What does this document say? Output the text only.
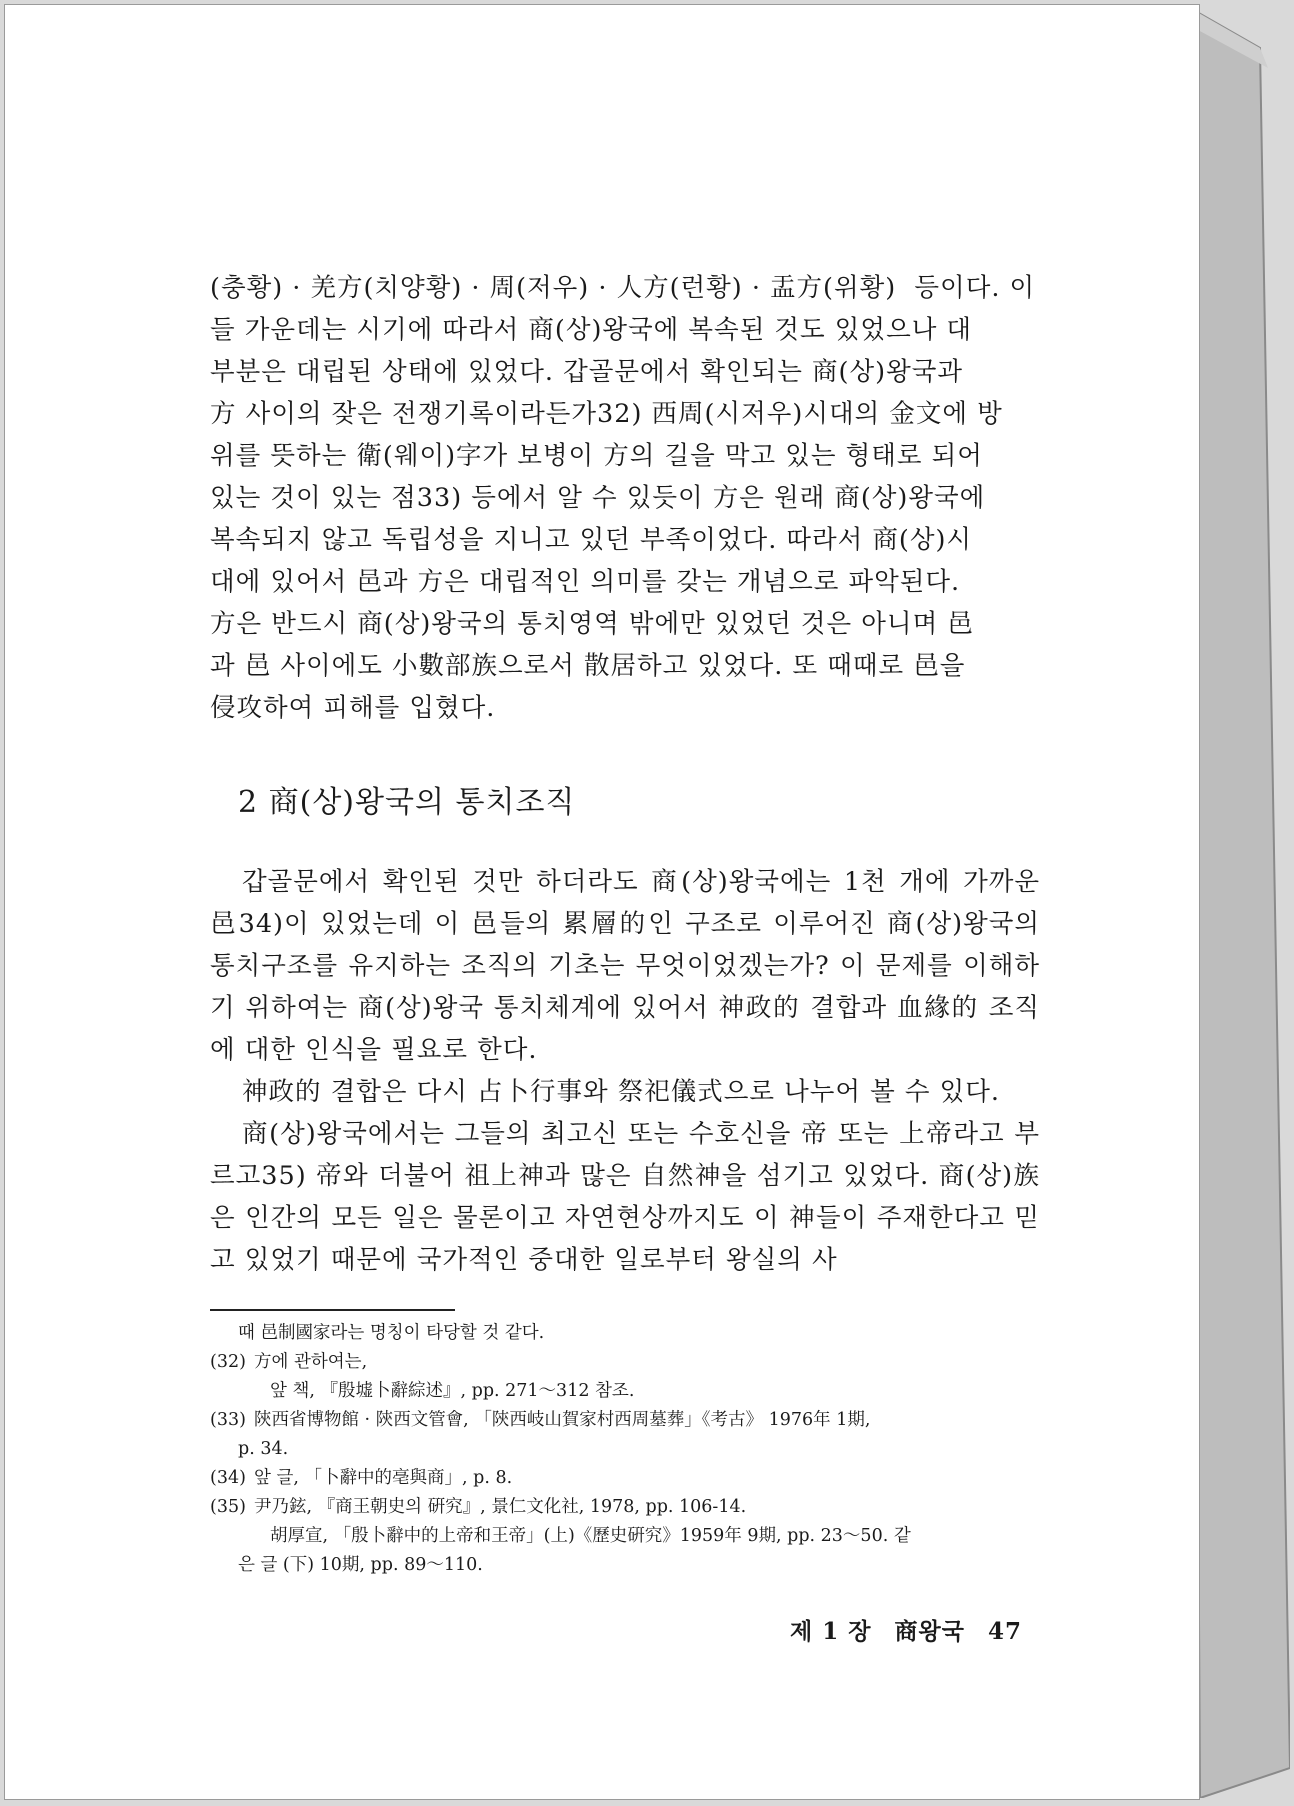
(충황) · 羌方(치양황) · 周(저우) · 人方(런황) · 盂方(위황)  등이다. 이
들 가운데는 시기에 따라서 商(상)왕국에 복속된 것도 있었으나 대
부분은 대립된 상태에 있었다. 갑골문에서 확인되는 商(상)왕국과
方 사이의 잦은 전쟁기록이라든가32) 西周(시저우)시대의 金文에 방
위를 뜻하는 衛(웨이)字가 보병이 方의 길을 막고 있는 형태로 되어
있는 것이 있는 점33) 등에서 알 수 있듯이 方은 원래 商(상)왕국에
복속되지 않고 독립성을 지니고 있던 부족이었다. 따라서 商(상)시
대에 있어서 邑과 方은 대립적인 의미를 갖는 개념으로 파악된다.
方은 반드시 商(상)왕국의 통치영역 밖에만 있었던 것은 아니며 邑
과 邑 사이에도 小數部族으로서 散居하고 있었다. 또 때때로 邑을
侵攻하여 피해를 입혔다.
2 商(상)왕국의 통치조직

갑골문에서 확인된 것만 하더라도 商(상)왕국에는 1천 개에 가까운 邑34)이 있었는데 이 邑들의 累層的인 구조로 이루어진 商(상)왕국의 통치구조를 유지하는 조직의 기초는 무엇이었겠는가? 이 문제를 이해하기 위하여는 商(상)왕국 통치체계에 있어서 神政的 결합과 血緣的 조직에 대한 인식을 필요로 한다.

神政的 결합은 다시 占卜行事와 祭祀儀式으로 나누어 볼 수 있다.

商(상)왕국에서는 그들의 최고신 또는 수호신을 帝 또는 上帝라고 부르고35) 帝와 더불어 祖上神과 많은 自然神을 섬기고 있었다. 商(상)族은 인간의 모든 일은 물론이고 자연현상까지도 이 神들이 주재한다고 믿고 있었기 때문에 국가적인 중대한 일로부터 왕실의 사

때 邑制國家라는 명칭이 타당할 것 같다.

(32) 方에 관하여는,

앞 책, 『殷墟卜辭綜述』, pp. 271～312 참조.

(33) 陝西省博物館 · 陝西文管會, 「陝西岐山賀家村西周墓葬」《考古》 1976年 1期,

p. 34.

(34) 앞 글, 「卜辭中的亳與商」, p. 8.

(35) 尹乃鉉, 『商王朝史의 硏究』, 景仁文化社, 1978, pp. 106-14.

胡厚宣, 「殷卜辭中的上帝和王帝」(上)《歷史硏究》1959年 9期, pp. 23～50. 같

은 글 (下) 10期, pp. 89～110.

제 1 장 商왕국 47
